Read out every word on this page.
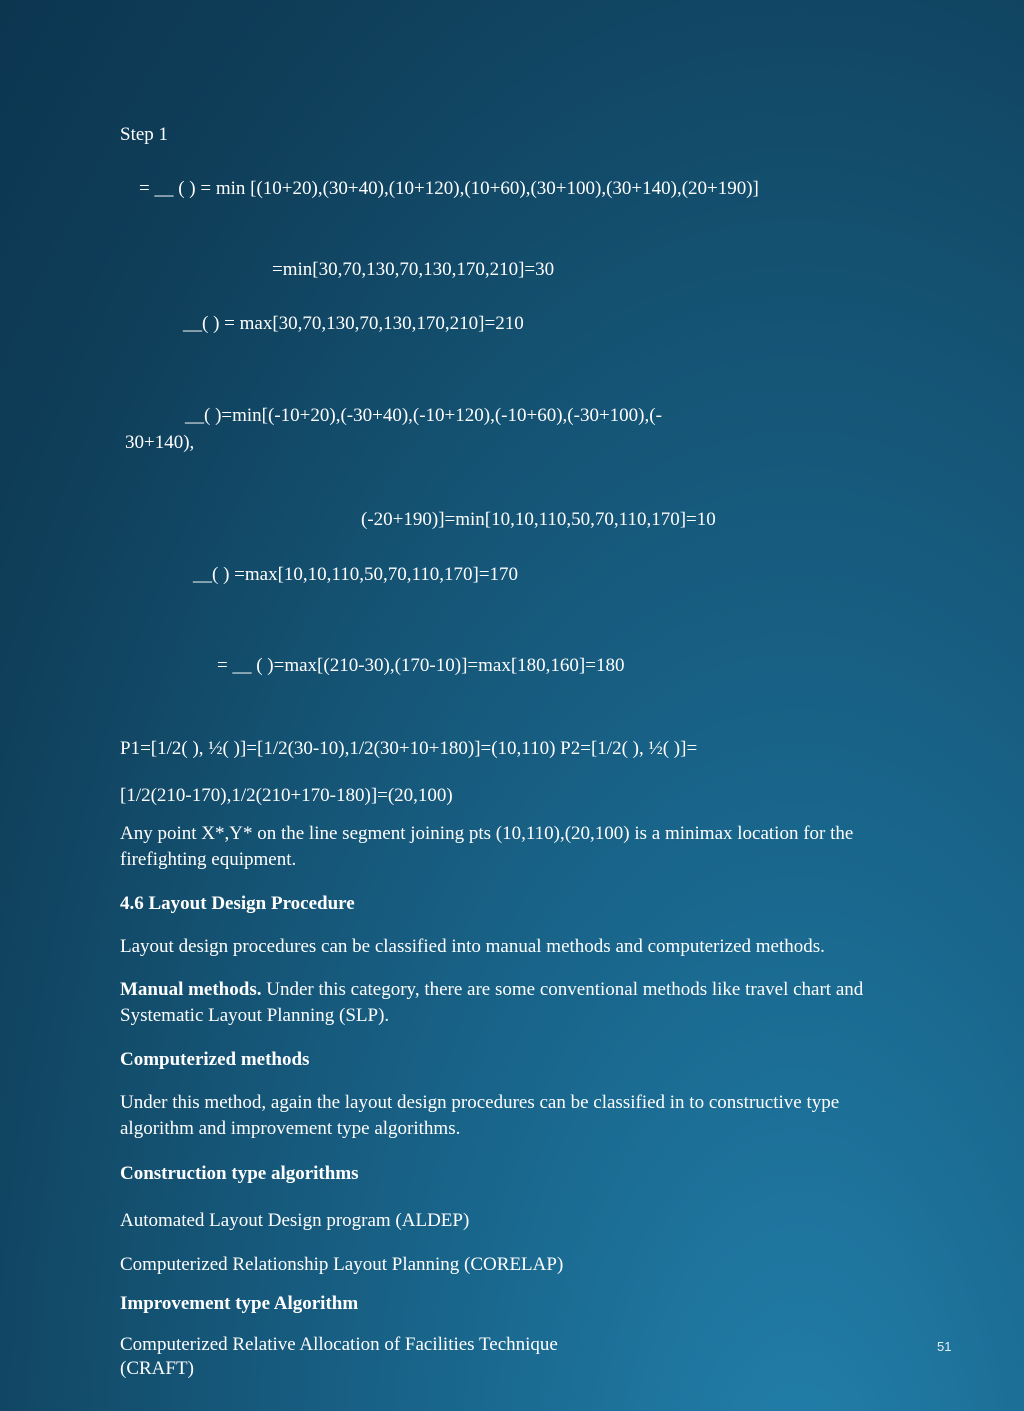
Step 1
= __ ( ) = min [(10+20),(30+40),(10+120),(10+60),(30+100),(30+140),(20+190)]
=min[30,70,130,70,130,170,210]=30
__( ) = max[30,70,130,70,130,170,210]=210
__( )=min[(-10+20),(-30+40),(-10+120),(-10+60),(-30+100),(-
30+140),
(-20+190)]=min[10,10,110,50,70,110,170]=10
__( ) =max[10,10,110,50,70,110,170]=170
= __ ( )=max[(210-30),(170-10)]=max[180,160]=180
P1=[1/2( ), ½( )]=[1/2(30-10),1/2(30+10+180)]=(10,110) P2=[1/2( ), ½( )]=
[1/2(210-170),1/2(210+170-180)]=(20,100)
Any point X*,Y* on the line segment joining pts (10,110),(20,100) is a minimax location for the firefighting equipment.
4.6 Layout Design Procedure
Layout design procedures can be classified into manual methods and computerized methods.
Manual methods. Under this category, there are some conventional methods like travel chart and Systematic Layout Planning (SLP).
Computerized methods
Under this method, again the layout design procedures can be classified in to constructive type algorithm and improvement type algorithms.
Construction type algorithms
Automated Layout Design program (ALDEP)
Computerized Relationship Layout Planning (CORELAP)
Improvement type Algorithm
Computerized Relative Allocation of Facilities Technique (CRAFT)
51
